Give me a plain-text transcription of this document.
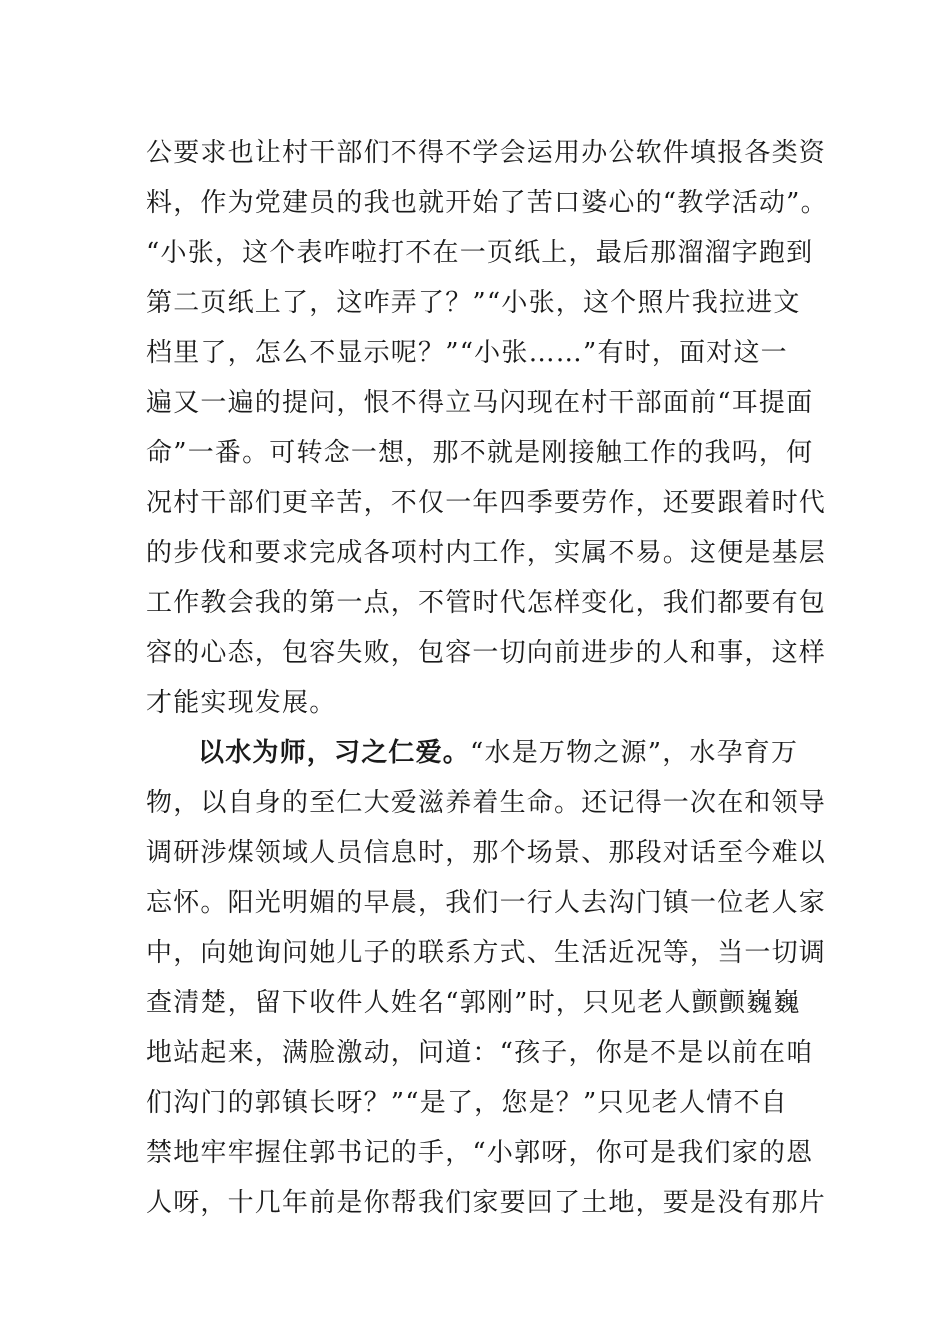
公要求也让村干部们不得不学会运用办公软件填报各类资
料，作为党建员的我也就开始了苦口婆心的“教学活动”。
“小张，这个表咋啦打不在一页纸上，最后那溜溜字跑到
第二页纸上了，这咋弄了？”“小张，这个照片我拉进文
档里了，怎么不显示呢？”“小张……”有时，面对这一
遍又一遍的提问，恨不得立马闪现在村干部面前“耳提面
命”一番。可转念一想，那不就是刚接触工作的我吗，何
况村干部们更辛苦，不仅一年四季要劳作，还要跟着时代
的步伐和要求完成各项村内工作，实属不易。这便是基层
工作教会我的第一点，不管时代怎样变化，我们都要有包
容的心态，包容失败，包容一切向前进步的人和事，这样
才能实现发展。
以水为师，习之仁爱。“水是万物之源”，水孕育万
物，以自身的至仁大爱滋养着生命。还记得一次在和领导
调研涉煤领域人员信息时，那个场景、那段对话至今难以
忘怀。阳光明媚的早晨，我们一行人去沟门镇一位老人家
中，向她询问她儿子的联系方式、生活近况等，当一切调
查清楚，留下收件人姓名“郭刚”时，只见老人颤颤巍巍
地站起来，满脸激动，问道：“孩子，你是不是以前在咱
们沟门的郭镇长呀？”“是了，您是？”只见老人情不自
禁地牢牢握住郭书记的手，“小郭呀，你可是我们家的恩
人呀，十几年前是你帮我们家要回了土地，要是没有那片
